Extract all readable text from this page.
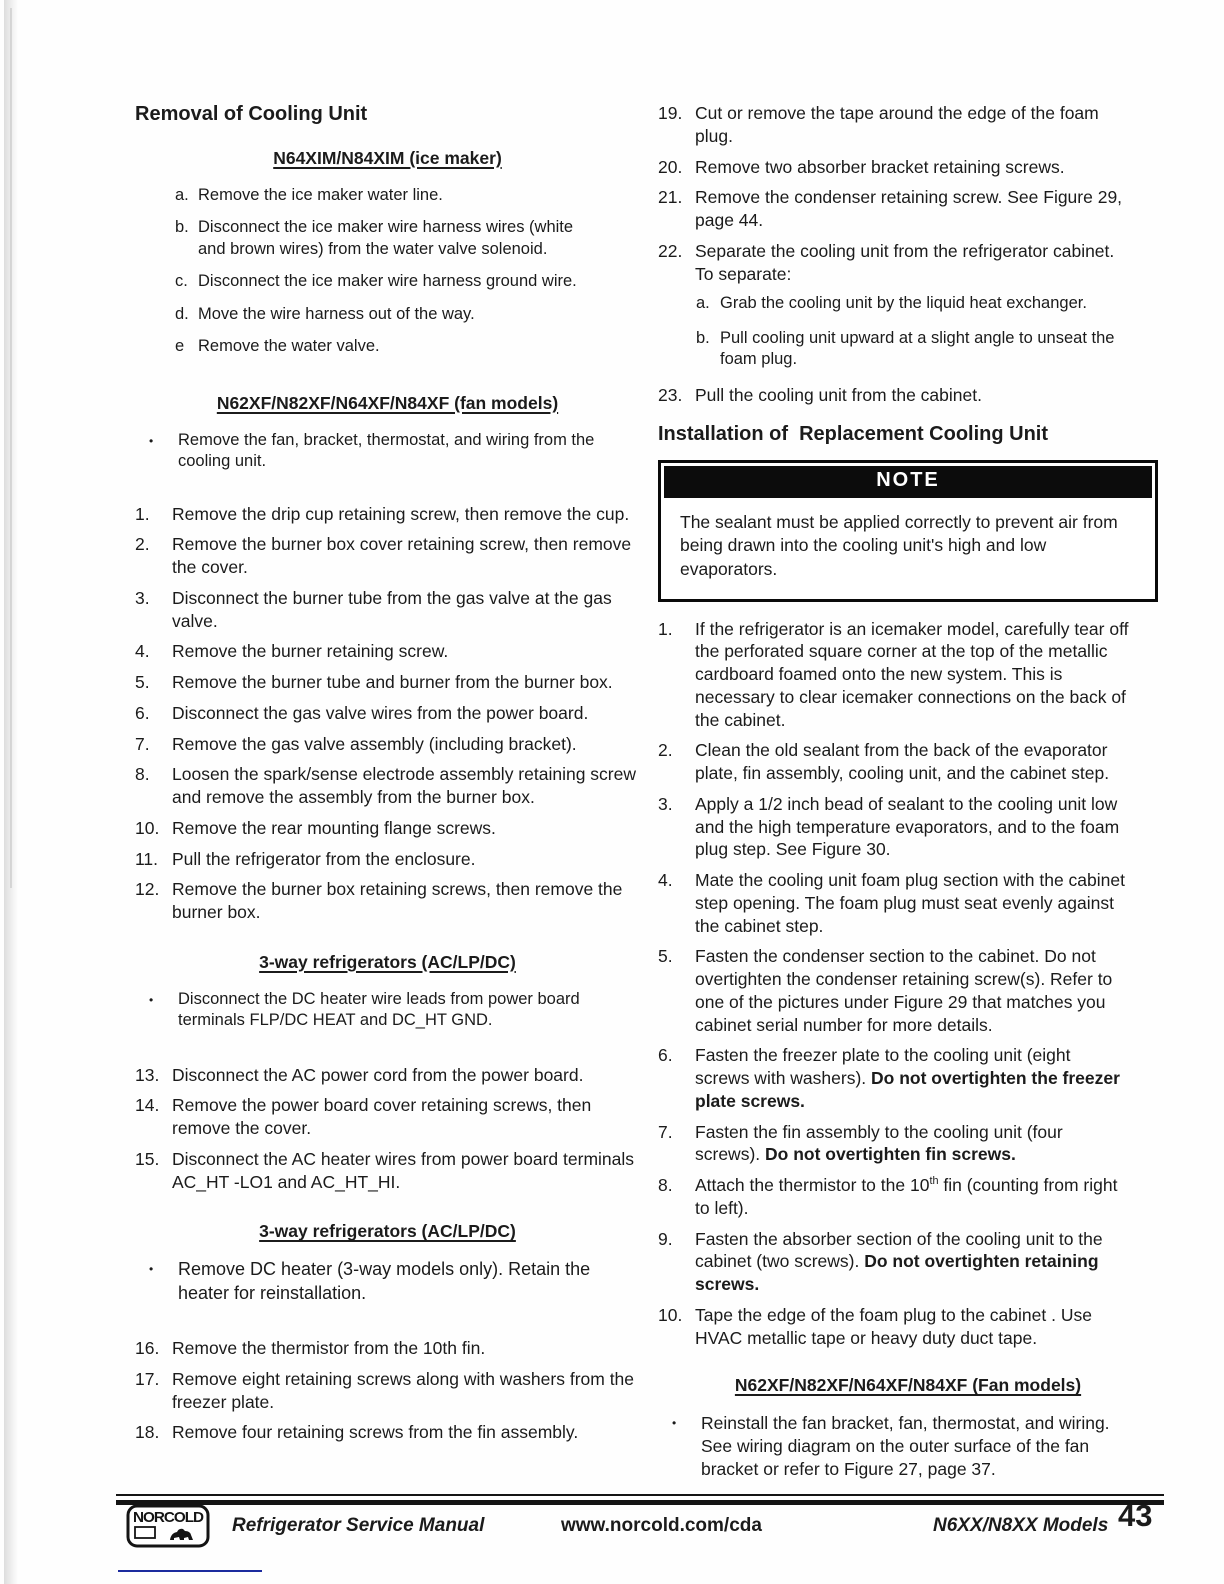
Removal of Cooling Unit
N64XIM/N84XIM (ice maker)
a. Remove the ice maker water line.
b. Disconnect the ice maker wire harness wires (white and brown wires) from the water valve solenoid.
c. Disconnect the ice maker wire harness ground wire.
d. Move the wire harness out of the way.
e Remove the water valve.
N62XF/N82XF/N64XF/N84XF (fan models)
•	Remove the fan, bracket, thermostat, and wiring from the cooling unit.
1.	Remove the drip cup retaining screw, then remove the cup.
2.	Remove the burner box cover retaining screw, then remove the cover.
3.	Disconnect the burner tube from the gas valve at the gas valve.
4.	Remove the burner retaining screw.
5.	Remove the burner tube and burner from the burner box.
6.	Disconnect the gas valve wires from the power board.
7.	Remove the gas valve assembly (including bracket).
8.	Loosen the spark/sense electrode assembly retaining screw and remove the assembly from the burner box.
10. Remove the rear mounting flange screws.
11. Pull the refrigerator from the enclosure.
12. Remove the burner box retaining screws, then remove the burner box.
3-way refrigerators (AC/LP/DC)
•	Disconnect the DC heater wire leads from power board terminals FLP/DC HEAT and DC_HT GND.
13. Disconnect the AC power cord from the power board.
14. Remove the power board cover retaining screws, then remove the cover.
15. Disconnect the AC heater wires from power board terminals AC_HT -LO1 and AC_HT_HI.
3-way refrigerators (AC/LP/DC)
•	Remove DC heater (3-way models only). Retain the heater for reinstallation.
16. Remove the thermistor from the 10th fin.
17. Remove eight retaining screws along with washers from the freezer plate.
18. Remove four retaining screws from the fin assembly.
19. Cut or remove the tape around the edge of the foam plug.
20. Remove two absorber bracket retaining screws.
21. Remove the condenser retaining screw. See Figure 29, page 44.
22. Separate the cooling unit from the refrigerator cabinet. To separate:
a. Grab the cooling unit by the liquid heat exchanger.
b. Pull cooling unit upward at a slight angle to unseat the foam plug.
23. Pull the cooling unit from the cabinet.
Installation of  Replacement Cooling Unit
NOTE
The sealant must be applied correctly to prevent air from being drawn into the cooling unit's high and low evaporators.
1.	If the refrigerator is an icemaker model, carefully tear off the perforated square corner at the top of the metallic cardboard foamed onto the new system. This is necessary to clear icemaker connections on the back of the cabinet.
2.	Clean the old sealant from the back of the evaporator plate, fin assembly, cooling unit, and the cabinet step.
3.	Apply a 1/2 inch bead of sealant to the cooling unit low and the high temperature evaporators, and to the foam plug step. See Figure 30.
4.	Mate the cooling unit foam plug section with the cabinet step opening. The foam plug must seat evenly against the cabinet step.
5.	Fasten the condenser section to the cabinet. Do not overtighten the condenser retaining screw(s). Refer to one of the pictures under Figure 29 that matches you cabinet serial number for more details.
6.	Fasten the freezer plate to the cooling unit (eight screws with washers). Do not overtighten the freezer plate screws.
7.	Fasten the fin assembly to the cooling unit (four screws). Do not overtighten fin screws.
8.	Attach the thermistor to the 10th fin (counting from right to left).
9.	Fasten the absorber section of the cooling unit to the cabinet (two screws). Do not overtighten retaining screws.
10. Tape the edge of the foam plug to the cabinet . Use HVAC metallic tape or heavy duty duct tape.
N62XF/N82XF/N64XF/N84XF (Fan models)
•	Reinstall the fan bracket, fan, thermostat, and wiring. See wiring diagram on the outer surface of the fan bracket or refer to Figure 27, page 37.
NORCOLD Refrigerator Service Manual	www.norcold.com/cda	N6XX/N8XX Models 43
